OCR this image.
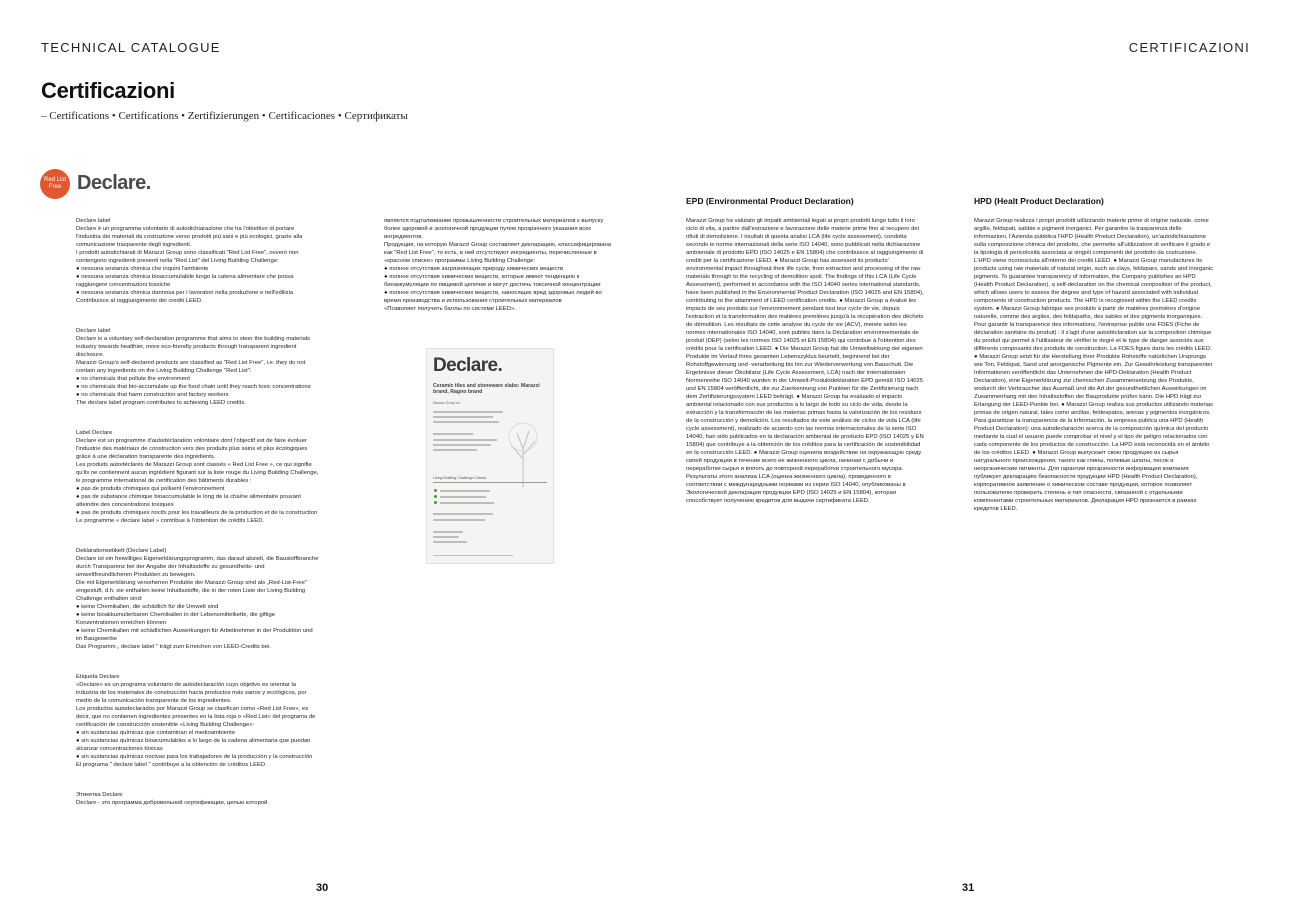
TECHNICAL CATALOGUE	CERTIFICAZIONI
Certificazioni
– Certifications • Certifications • Zertifizierungen • Certificaciones • Сертификаты
Red List Free Declare.
Declare label
Declare è un programma volontario di autodichiarazione che ha l'obiettivo di portare l'industria dei materiali da costruzione verso prodotti più sani e più ecologici, grazie alla comunicazione trasparente degli ingredienti.
I prodotti autodichiarati di Marazzi Group sono classificati "Red List Free", ovvero non contengono ingredienti presenti nella "Red List" del Living Building Challenge:
● nessuna sostanza chimica che inquini l'ambiente
● nessuna sostanza chimica bioaccumulabile lungo la catena alimentare che possa raggiungere concentrazioni tossiche
● nessuna sostanza chimica dannosa per i lavoratori nella produzione e nell'edilizia
Contribuisce al raggiungimento dei crediti LEED.
Declare label
Declare is a voluntary self-declaration programme that aims to steer the building materials industry towards healthier, more eco-friendly products through transparent ingredient disclosure.
Marazzi Group's self-declared products are classified as "Red List Free", i.e. they do not contain any ingredients on the Living Building Challenge "Red List":
● no chemicals that pollute the environment
● no chemicals that bio-accumulate up the food chain until they reach toxic concentrations
● no chemicals that harm construction and factory workers
The declare label program contributes to achieving LEED credits.
Label Declare
Declare est un programme d'autodéclaration volontaire dont l'objectif est de faire évoluer l'industrie des matériaux de construction vers des produits plus sains et plus écologiques grâce à une déclaration transparente des ingrédients.
Les produits autodéclarés de Marazzi Group sont classés « Red List Free », ce qui signifie qu'ils ne contiennent aucun ingrédient figurant sur la liste rouge du Living Building Challenge, le programme international de certification des bâtiments durables :
● pas de produits chimiques qui polluent l'environnement
● pas de substance chimique bioaccumulable le long de la chaîne alimentaire pouvant atteindre des concentrations toxiques
● pas de produits chimiques nocifs pour les travailleurs de la production et de la construction
Le programme « declare label » contribue à l'obtention de crédits LEED.
Deklarationsetikett (Declare Label)
Declare ist ein freiwilliges Eigenerklärungsprogramm, das darauf abzielt, die Baustoffbranche durch Transparenz bei der Angabe der Inhaltsstoffe zu gesundheits- und umweltfreundlicheren Produkten zu bewegen.
Die mit Eigenerklärung versehenen Produkte der Marazzi Group sind als „Red-List-Free" eingestuft, d.h. sie enthalten keine Inhaltsstoffe, die in der roten Liste der Living Building Challenge enthalten sind:
● keine Chemikalien, die schädlich für die Umwelt sind
● keine bioakkumulierbaren Chemikalien in der Lebensmittelkette, die giftige Konzentrationen erreichen können
● keine Chemikalien mit schädlichen Auswirkungen für Arbeitnehmer in der Produktion und im Baugewerbe
Das Programm „ declare label " trägt zum Erreichen von LEED-Credits bei.
Etiqueta Declare
«Declare» es un programa voluntario de autodeclaración cuyo objetivo es orientar la industria de los materiales de construcción hacia productos más sanos y ecológicos, por medio de la comunicación transparente de los ingredientes.
Los productos autodeclarados por Marazzi Group se clasifican como «Red List Free», es decir, que no contienen ingredientes presentes en la lista roja o «Red List» del programa de certificación de construcción sostenible «Living Building Challenge»:
● sin sustancias químicas que contaminan el medioambiente
● sin sustancias químicas bioacumulables a lo largo de la cadena alimentaria que puedan alcanzar concentraciones tóxicas
● sin sustancias químicas nocivas para los trabajadores de la producción y la construcción
El programa " declare label " contribuye a la obtención de créditos LEED.
Этикетка Declare
Declare - это программа добровольной сертификации, целью которой
является подталкивание промышленности строительных материалов к выпуску более здоровой и экологичной продукции путем прозрачного указания всех ингредиентов.
Продукция, на которую Marazzi Group составляет декларацию, классифицирована как "Red List Free", то есть, в ней отсутствуют ингредиенты, перечисленные в «красном списке» программы Living Building Challenge:
● полное отсутствие загрязняющих природу химических веществ
● полное отсутствие химических веществ, которые имеют тенденцию к биоаккумуляции по пищевой цепочке и могут достичь токсичной концентрации
● полное отсутствие химических веществ, наносящих вред здоровью людей во время производства и использования строительных материалов
«Позволяет получить баллы по системе LEED».
Declare.
Ceramic tiles and stoneware slabs: Marazzi brand, Ragno brand
Marazzi Group srl
Living Building Challenge Criteria
EPD (Environmental Product Declaration)
Marazzi Group ha valutato gli impatti ambientali legati ai propri prodotti lungo tutto il loro ciclo di vita, a partire dall'estrazione e lavorazione delle materie prime fino al recupero dei rifiuti di demolizione. I risultati di questa analisi LCA (life cycle assessment), condotta secondo le norme internazionali della serie ISO 14040, sono pubblicati nella dichiarazione ambientale di prodotto EPD (ISO 14025 e EN 15804) che contribuisce al raggiungimento di crediti per la certificazione LEED. ● Marazzi Group has assessed its products' environmental impact throughout their life cycle, from extraction and processing of the raw materials through to the recycling of demolition spoil. The findings of this LCA (Life Cycle Assessment), performed in accordance with the ISO 14040 series international standards, have been published in the Environmental Product Declaration (ISO 14025 and EN 15804), contributing to the attainment of LEED certification credits. ● Marazzi Group a évalué les impacts de ses produits sur l'environnement pendant tout leur cycle de vie, depuis l'extraction et la transformation des matières premières jusqu'à la récupération des déchets de démolition. Les résultats de cette analyse du cycle de vie (ACV), menée selon les normes internationales ISO 14040, sont publiés dans la Déclaration environnementale de produit (DEP) (selon les normes ISO 14025 et EN 15804) qui contribue à l'obtention des crédits pour la certification LEED. ● Die Marazzi Group hat die Umweltwirkung der eigenen Produkte im Verlauf ihres gesamten Lebenszyklus beurteilt, beginnend bei der Rohstoffgewinnung und -verarbeitung bis hin zur Wiederverwertung von Bauschutt. Die Ergebnisse dieser Ökobilanz (Life Cycle Assessment, LCA) nach der internationalen Normenreihe ISO 14040 wurden in der Umwelt-Produktdeklaration EPD gemäß ISO 14025 und EN 15804 veröffentlicht, die zur Zuerkennung von Punkten für die Zertifizierung nach dem Zertifizierungssystem LEED beiträgt. ● Marazzi Group ha evaluado el impacto ambiental relacionado con sus productos a lo largo de todo su ciclo de vida, desde la extracción y la transformación de las materias primas hasta la valorización de los residuos de la construcción y demolición. Los resultados de este análisis de ciclos de vida LCA (life cycle assessment), realizado de acuerdo con las normas internacionales de la serie ISO 14040, han sido publicados en la declaración ambiental de producto EPD (ISO 14025 y EN 15804) que contribuye a la obtención de los créditos para la certificación de sostenibilidad en la construcción LEED. ● Marazzi Group оценила воздействие на окружающую среду своей продукции в течение всего ее жизненного цикла, начиная с добычи и переработки сырья и вплоть до повторной переработки строительного мусора. Результаты этого анализа LCA (оценка жизненного цикла), проведенного в соответствии с международными нормами из серии ISO 14040, опубликованы в Экологической декларации продукции EPD (ISO 14025 и EN 15804), которая способствует получению кредитов для выдачи сертификата LEED.
HPD (Healt Product Declaration)
Marazzi Group realizza i propri prodotti utilizzando materie prime di origine naturale, come argille, feldspati, sabbie e pigmenti inorganici. Per garantire la trasparenza delle informazioni, l'Azienda pubblica l'HPD (Health Product Declaration), un'autodichiarazione sulla composizione chimica del prodotto, che permette all'utilizzatore di verificare il grado e la tipologia di pericolosità associata ai singoli componenti del prodotto da costruzione. L'HPD viene riconosciuta all'interno dei crediti LEED. ● Marazzi Group manufactures its products using raw materials of natural origin, such as clays, feldspars, sands and inorganic pigments. To guarantee transparency of information, the Company publishes an HPD (Health Product Declaration), a self-declaration on the chemical composition of the product, which allows users to assess the degree and type of hazard associated with individual components of construction products. The HPD is recognised within the LEED credits system. ● Marazzi Group fabrique ses produits à partir de matières premières d'origine naturelle, comme des argiles, des feldspaths, des sables et des pigments inorganiques. Pour garantir la transparence des informations, l'entreprise publie une FDES (Fiche de déclaration sanitaire du produit) : il s'agit d'une autodéclaration sur la composition chimique du produit qui permet à l'utilisateur de vérifier le degré et le type de danger associés aux différents composants des produits de construction. La FDES figure dans les crédits LEED. ● Marazzi Group setzt für die Herstellung ihrer Produkte Rohstoffe natürlichen Ursprungs wie Ton, Feldspat, Sand und anorganische Pigmente ein. Zur Gewährleistung transparenter Informationen veröffentlicht das Unternehmen die HPD-Deklaration (Health Product Declaration), eine Eigenerklärung zur chemischen Zusammensetzung des Produkts, wodurch der Verbraucher das Ausmaß und die Art der gesundheitlichen Auswirkungen im Zusammenhang mit den Inhaltsstoffen der Bauprodukte prüfen kann. Die HPD trägt zur Erlangung der LEED-Punkte bei. ● Marazzi Group realiza sus productos utilizando materias primas de origen natural, tales como arcillas, feldespatos, arenas y pigmentos inorgánicos. Para garantizar la transparencia de la información, la empresa publica una HPD (Health Product Declaration): una autodeclaración acerca de la composición química del producto mediante la cual el usuario puede comprobar el nivel y el tipo de peligro relacionados con cada componente de los productos de construcción. La HPD está reconocida en el ámbito de los créditos LEED. ● Marazzi Group выпускает свою продукцию из сырья натурального происхождения, такого как глины, полевые шпаты, песок и неорганические пигменты. Для гарантии прозрачности информации компания публикует декларацию безопасности продукции HPD (Health Product Declaration), корпоративное заявление о химическом составе продукции, которое позволяет пользователю проверить степень и тип опасности, связанной с отдельными компонентами строительных материалов. Декларация HPD признается в рамках кредитов LEED.
30	31
